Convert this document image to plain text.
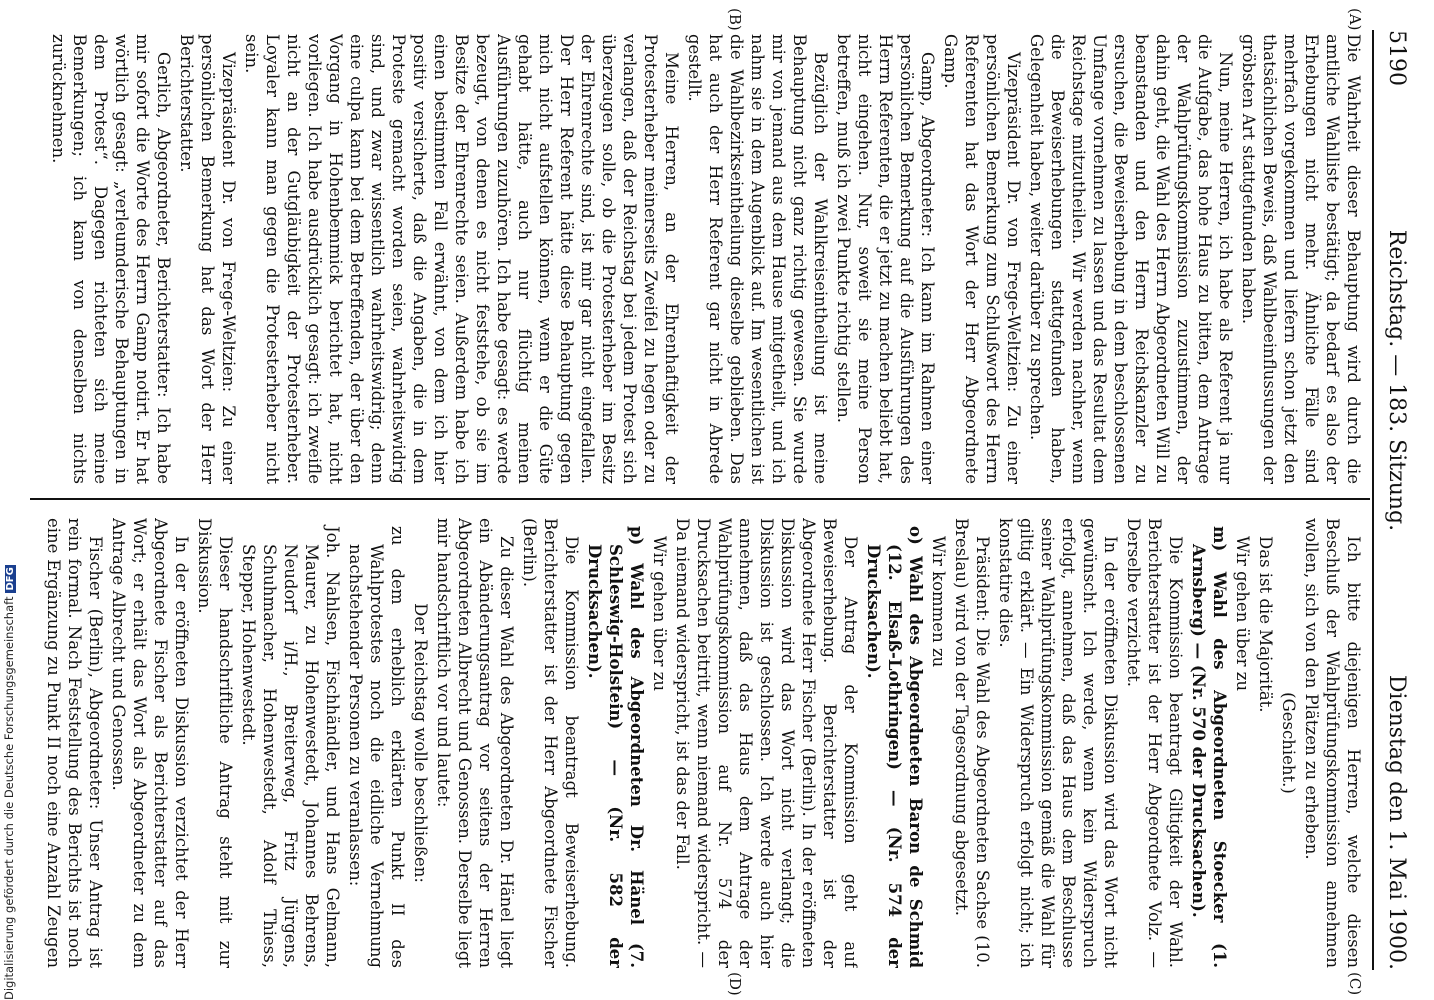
5190
Reichstag. — 183. Sitzung.
Dienstag den 1. Mai 1900.
(A)
(C)
(B)
(D)

Die Wahrheit dieser Behauptung wird durch die amtliche Wahlliste bestätigt; da bedarf es also der Erhebungen nicht mehr. Ähnliche Fälle sind mehrfach vorgekommen und liefern schon jetzt den thatsächlichen Beweis, daß Wahlbeeinflussungen der gröbsten Art stattgefunden haben.

Nun, meine Herren, ich habe als Referent ja nur die Aufgabe, das hohe Haus zu bitten, dem Antrage der Wahlprüfungskommission zuzustimmen, der dahin geht, die Wahl des Herrn Abgeordneten Will zu beanstanden und den Herrn Reichskanzler zu ersuchen, die Beweiserhebung in dem beschlossenen Umfange vornehmen zu lassen und das Resultat dem Reichstage mitzutheilen. Wir werden nachher, wenn die Beweiserhebungen stattgefunden haben, Gelegenheit haben, weiter darüber zu sprechen.

Vizepräsident Dr. von Frege-Weltzien: Zu einer persönlichen Bemerkung zum Schlußwort des Herrn Referenten hat das Wort der Herr Abgeordnete Gamp.

Gamp, Abgeordneter: Ich kann im Rahmen einer persönlichen Bemerkung auf die Ausführungen des Herrn Referenten, die er jetzt zu machen beliebt hat, nicht eingehen. Nur, soweit sie meine Person betreffen, muß ich zwei Punkte richtig stellen.

Bezüglich der Wahlkreiseintheilung ist meine Behauptung nicht ganz richtig gewesen. Sie wurde mir von jemand aus dem Hause mitgetheilt, und ich nahm sie in dem Augenblick auf. Im wesentlichen ist die Wahlbezirkseintheilung dieselbe geblieben. Das hat auch der Herr Referent gar nicht in Abrede gestellt.

Meine Herren, an der Ehrenhaftigkeit der Protesterheber meinerseits Zweifel zu hegen oder zu verlangen, daß der Reichstag bei jedem Protest sich überzeugen solle, ob die Protesterheber im Besitz der Ehrenrechte sind, ist mir gar nicht eingefallen. Der Herr Referent hätte diese Behauptung gegen mich nicht aufstellen können, wenn er die Güte gehabt hätte, auch nur flüchtig meinen Ausführungen zuzuhören. Ich habe gesagt: es werde bezeugt, von denen es nicht feststehe, ob sie im Besitze der Ehrenrechte seien. Außerdem habe ich einen bestimmten Fall erwähnt, von dem ich hier positiv versicherte, daß die Angaben, die in dem Proteste gemacht worden seien, wahrheitswidrig sind, und zwar wissentlich wahrheitswidrig; denn eine culpa kann bei dem Betreffenden, der über den Vorgang in Hohenbemmick berichtet hat, nicht vorliegen. Ich habe ausdrücklich gesagt: ich zweifle nicht an der Gutgläubigkeit der Protesterheber. Loyaler kann man gegen die Protesterheber nicht sein.

Vizepräsident Dr. von Frege-Weltzien: Zu einer persönlichen Bemerkung hat das Wort der Herr Berichterstatter.

Gerlich, Abgeordneter, Berichterstatter: Ich habe mir sofort die Worte des Herrn Gamp notirt. Er hat wörtlich gesagt: „verleumderische Behauptungen in dem Protest“. Dagegen richteten sich meine Bemerkungen; ich kann von denselben nichts zurücknehmen.

Ich bitte diejenigen Herren, welche diesen Beschluß der Wahlprüfungskommission annehmen wollen, sich von den Plätzen zu erheben.

(Geschieht.)

Das ist die Majorität.

Wir gehen über zu

m) Wahl des Abgeordneten Stoecker (1. Arnsberg) — (Nr. 570 der Drucksachen).

Die Kommission beantragt Giltigkeit der Wahl. Berichterstatter ist der Herr Abgeordnete Volz. — Derselbe verzichtet.

In der eröffneten Diskussion wird das Wort nicht gewünscht. Ich werde, wenn kein Widerspruch erfolgt, annehmen, daß das Haus dem Beschlusse seiner Wahlprüfungskommission gemäß die Wahl für giltig erklärt. — Ein Widerspruch erfolgt nicht; ich konstatire dies.

Präsident: Die Wahl des Abgeordneten Sachse (10. Breslau) wird von der Tagesordnung abgesetzt.

Wir kommen zu

o) Wahl des Abgeordneten Baron de Schmid (12. Elsaß-Lothringen) — (Nr. 574 der Drucksachen).

Der Antrag der Kommission geht auf Beweiserhebung. Berichterstatter ist der Abgeordnete Herr Fischer (Berlin). In der eröffneten Diskussion wird das Wort nicht verlangt; die Diskussion ist geschlossen. Ich werde auch hier annehmen, daß das Haus dem Antrage der Wahlprüfungskommission auf Nr. 574 der Drucksachen beitritt, wenn niemand widerspricht. — Da niemand widerspricht, ist das der Fall.

Wir gehen über zu

p) Wahl des Abgeordneten Dr. Hänel (7. Schleswig-Holstein) — (Nr. 582 der Drucksachen).

Die Kommission beantragt Beweiserhebung. Berichterstatter ist der Herr Abgeordnete Fischer (Berlin).

Zu dieser Wahl des Abgeordneten Dr. Hänel liegt ein Abänderungsantrag vor seitens der Herren Abgeordneten Albrecht und Genossen. Derselbe liegt mir handschriftlich vor und lautet:

Der Reichstag wolle beschließen:

zu dem erheblich erklärten Punkt II des Wahlprotestes noch die eidliche Vernehmung nachstehender Personen zu veranlassen:

Joh. Nahlsen, Fischhändler, und Hans Gelmann, Maurer, zu Hohenwestedt, Johannes Behrens, Neudorf i/H., Breiterweg, Fritz Jürgens, Schuhmacher, Hohenwestedt, Adolf Thiess, Stepper, Hohenwestedt.

Dieser handschriftliche Antrag steht mit zur Diskussion.

In der eröffneten Diskussion verzichtet der Herr Abgeordnete Fischer als Berichterstatter auf das Wort; er erhält das Wort als Abgeordneter zu dem Antrage Albrecht und Genossen.

Fischer (Berlin), Abgeordneter: Unser Antrag ist rein formal. Nach Feststellung des Berichts ist noch eine Ergänzung zu Punkt II noch eine Anzahl Zeugen

Digitalisierung gefördert durch die Deutsche ForschungsgemeinschaftDFG
